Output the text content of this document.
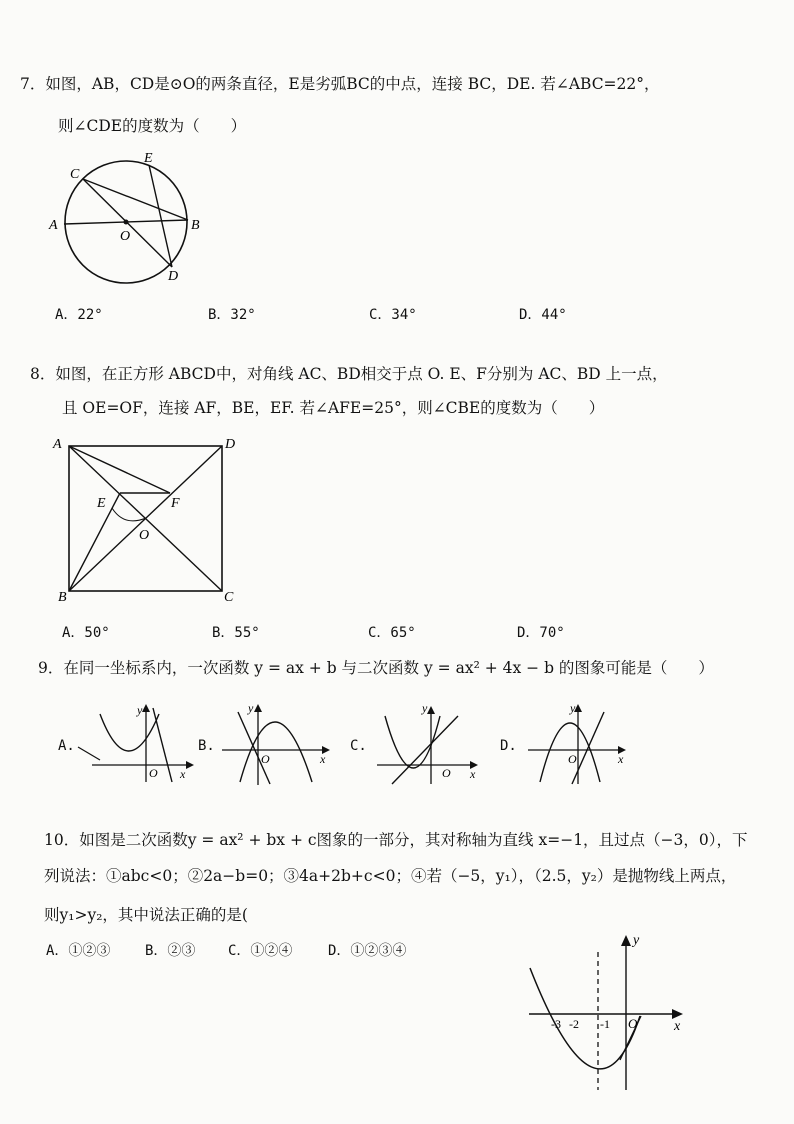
7．如图，AB，CD是⊙O的两条直径，E是劣弧BC的中点，连接 BC，DE. 若∠ABC=22°，
则∠CDE的度数为（　　）
C
E
A
O
B
D
A．22°	B．32°	C．34°	D．44°
8．如图，在正方形 ABCD中，对角线 AC、BD相交于点 O. E、F分别为 AC、BD 上一点，
且 OE=OF，连接 AF，BE，EF. 若∠AFE=25°，则∠CBE的度数为（　　）
A	D
E	F
O
B	C
A．50°	B．55°	C．65°	D．70°
9．在同一坐标系内，一次函数 y = ax + b 与二次函数 y = ax² + 4x − b 的图象可能是（　　）
A.
y
O x
B.
y
O	x
C.
y
O x
D.
y
O	x
10．如图是二次函数y = ax² + bx + c图象的一部分，其对称轴为直线 x=−1，且过点（−3，0），下
列说法：①abc<0；②2a−b=0；③4a+2b+c<0；④若（−5，y₁），（2.5，y₂）是抛物线上两点，
则y₁>y₂，其中说法正确的是(
A．①②③ B．②③ C．①②④	D．①②③④
-3 -2 -1 O	x
y
